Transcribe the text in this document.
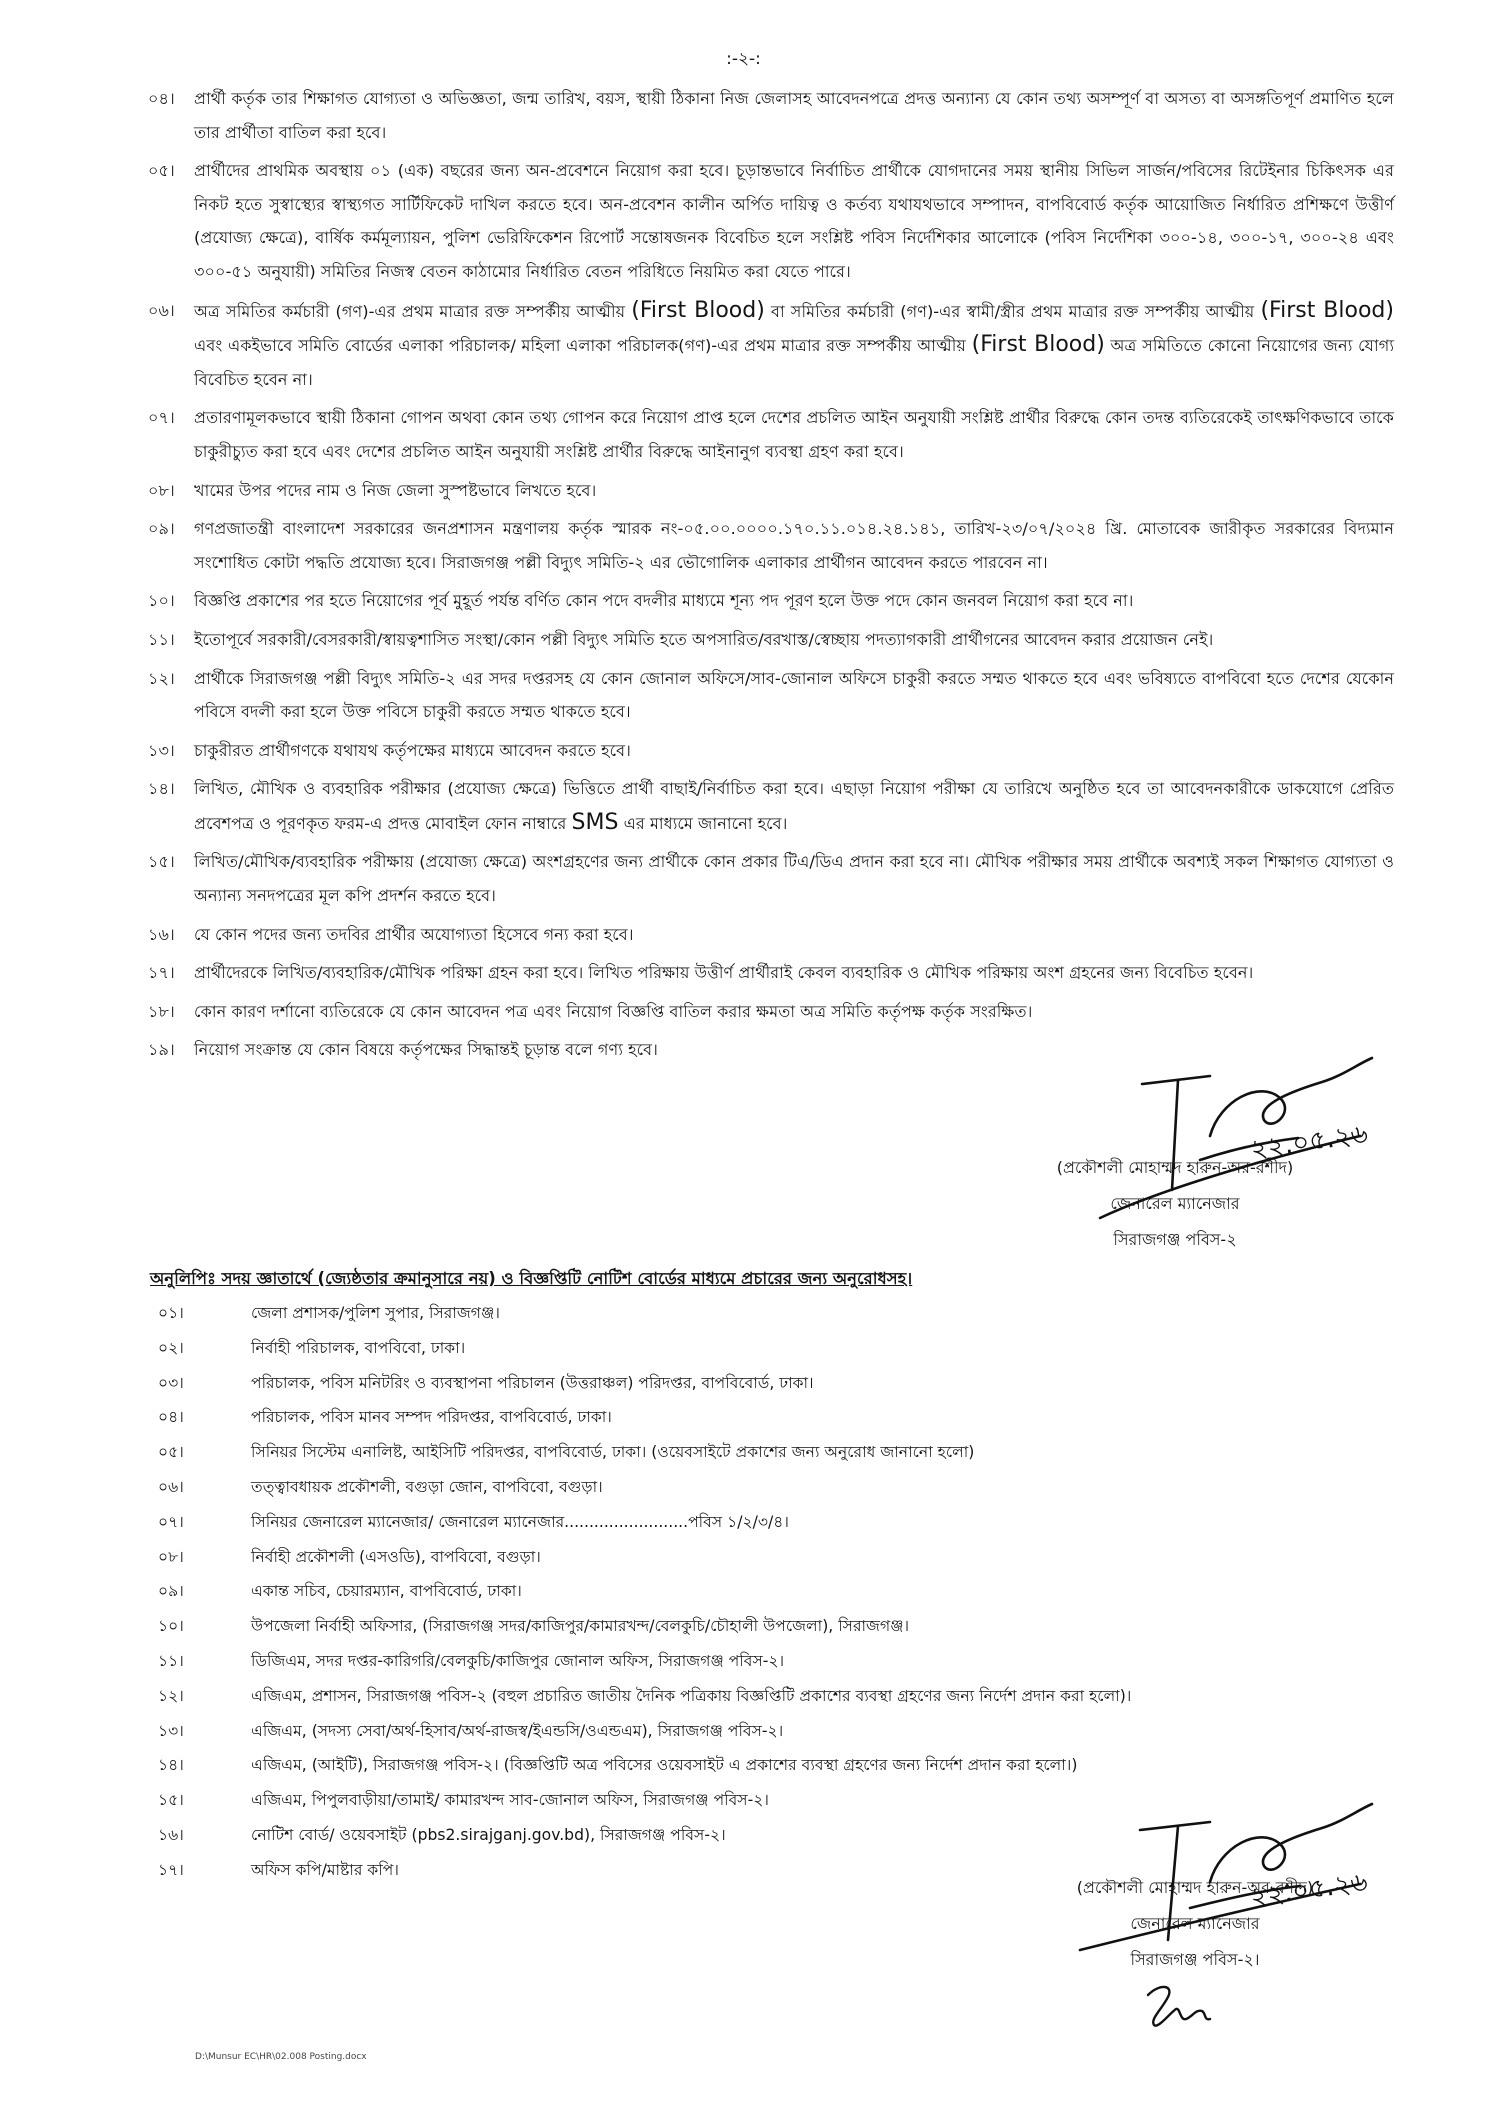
:-২-:
০৪।	প্রার্থী কর্তৃক তার শিক্ষাগত যোগ্যতা ও অভিজ্ঞতা, জন্ম তারিখ, বয়স, স্থায়ী ঠিকানা নিজ জেলাসহ আবেদনপত্রে প্রদত্ত অন্যান্য যে কোন তথ্য অসম্পূর্ণ বা অসত্য বা অসঙ্গতিপূর্ণ প্রমাণিত হলে তার প্রার্থীতা বাতিল করা হবে।
০৫।	প্রার্থীদের প্রাথমিক অবস্থায় ০১ (এক) বছরের জন্য অন-প্রবেশনে নিয়োগ করা হবে। চূড়ান্তভাবে নির্বাচিত প্রার্থীকে যোগদানের সময় স্থানীয় সিভিল সার্জন/পবিসের রিটেইনার চিকিৎসক এর নিকট হতে সুস্বাস্থ্যের স্বাস্থ্যগত সার্টিফিকেট দাখিল করতে হবে। অন-প্রবেশন কালীন অর্পিত দায়িত্ব ও কর্তব্য যথাযথভাবে সম্পাদন, বাপবিবোর্ড কর্তৃক আয়োজিত নির্ধারিত প্রশিক্ষণে উত্তীর্ণ (প্রযোজ্য ক্ষেত্রে), বার্ষিক কর্মমূল্যায়ন, পুলিশ ভেরিফিকেশন রিপোর্ট সন্তোষজনক বিবেচিত হলে সংশ্লিষ্ট পবিস নির্দেশিকার আলোকে (পবিস নির্দেশিকা ৩০০-১৪, ৩০০-১৭, ৩০০-২৪ এবং ৩০০-৫১ অনুযায়ী) সমিতির নিজস্ব বেতন কাঠামোর নির্ধারিত বেতন পরিধিতে নিয়মিত করা যেতে পারে।
০৬।	অত্র সমিতির কর্মচারী (গণ)-এর প্রথম মাত্রার রক্ত সম্পর্কীয় আত্মীয় (First Blood) বা সমিতির কর্মচারী (গণ)-এর স্বামী/স্ত্রীর প্রথম মাত্রার রক্ত সম্পর্কীয় আত্মীয় (First Blood) এবং একইভাবে সমিতি বোর্ডের এলাকা পরিচালক/ মহিলা এলাকা পরিচালক(গণ)-এর প্রথম মাত্রার রক্ত সম্পর্কীয় আত্মীয় (First Blood) অত্র সমিতিতে কোনো নিয়োগের জন্য যোগ্য বিবেচিত হবেন না।
০৭।	প্রতারণামূলকভাবে স্থায়ী ঠিকানা গোপন অথবা কোন তথ্য গোপন করে নিয়োগ প্রাপ্ত হলে দেশের প্রচলিত আইন অনুযায়ী সংশ্লিষ্ট প্রার্থীর বিরুদ্ধে কোন তদন্ত ব্যতিরেকেই তাৎক্ষণিকভাবে তাকে চাকুরীচ্যুত করা হবে এবং দেশের প্রচলিত আইন অনুযায়ী সংশ্লিষ্ট প্রার্থীর বিরুদ্ধে আইনানুগ ব্যবস্থা গ্রহণ করা হবে।
০৮।	খামের উপর পদের নাম ও নিজ জেলা সুস্পষ্টভাবে লিখতে হবে।
০৯।	গণপ্রজাতন্ত্রী বাংলাদেশ সরকারের জনপ্রশাসন মন্ত্রণালয় কর্তৃক স্মারক নং-০৫.০০.০০০০.১৭০.১১.০১৪.২৪.১৪১, তারিখ-২৩/০৭/২০২৪ খ্রি. মোতাবেক জারীকৃত সরকারের বিদ্যমান সংশোধিত কোটা পদ্ধতি প্রযোজ্য হবে। সিরাজগঞ্জ পল্লী বিদ্যুৎ সমিতি-২ এর ভৌগোলিক এলাকার প্রার্থীগন আবেদন করতে পারবেন না।
১০।	বিজ্ঞপ্তি প্রকাশের পর হতে নিয়োগের পূর্ব মুহূর্ত পর্যন্ত বর্ণিত কোন পদে বদলীর মাধ্যমে শূন্য পদ পূরণ হলে উক্ত পদে কোন জনবল নিয়োগ করা হবে না।
১১।	ইতোপূর্বে সরকারী/বেসরকারী/স্বায়ত্বশাসিত সংস্থা/কোন পল্লী বিদ্যুৎ সমিতি হতে অপসারিত/বরখাস্ত/স্বেচ্ছায় পদত্যাগকারী প্রার্থীগনের আবেদন করার প্রয়োজন নেই।
১২।	প্রার্থীকে সিরাজগঞ্জ পল্লী বিদ্যুৎ সমিতি-২ এর সদর দপ্তরসহ যে কোন জোনাল অফিসে/সাব-জোনাল অফিসে চাকুরী করতে সম্মত থাকতে হবে এবং ভবিষ্যতে বাপবিবো হতে দেশের যেকোন পবিসে বদলী করা হলে উক্ত পবিসে চাকুরী করতে সম্মত থাকতে হবে।
১৩।	চাকুরীরত প্রার্থীগণকে যথাযথ কর্তৃপক্ষের মাধ্যমে আবেদন করতে হবে।
১৪।	লিখিত, মৌখিক ও ব্যবহারিক পরীক্ষার (প্রযোজ্য ক্ষেত্রে) ভিত্তিতে প্রার্থী বাছাই/নির্বাচিত করা হবে। এছাড়া নিয়োগ পরীক্ষা যে তারিখে অনুষ্ঠিত হবে তা আবেদনকারীকে ডাকযোগে প্রেরিত প্রবেশপত্র ও পূরণকৃত ফরম-এ প্রদত্ত মোবাইল ফোন নাম্বারে SMS এর মাধ্যমে জানানো হবে।
১৫।	লিখিত/মৌখিক/ব্যবহারিক পরীক্ষায় (প্রযোজ্য ক্ষেত্রে) অংশগ্রহণের জন্য প্রার্থীকে কোন প্রকার টিএ/ডিএ প্রদান করা হবে না। মৌখিক পরীক্ষার সময় প্রার্থীকে অবশ্যই সকল শিক্ষাগত যোগ্যতা ও অন্যান্য সনদপত্রের মূল কপি প্রদর্শন করতে হবে।
১৬।	যে কোন পদের জন্য তদবির প্রার্থীর অযোগ্যতা হিসেবে গন্য করা হবে।
১৭।	প্রার্থীদেরকে লিখিত/ব্যবহারিক/মৌখিক পরিক্ষা গ্রহন করা হবে। লিখিত পরিক্ষায় উত্তীর্ণ প্রার্থীরাই কেবল ব্যবহারিক ও মৌখিক পরিক্ষায় অংশ গ্রহনের জন্য বিবেচিত হবেন।
১৮।	কোন কারণ দর্শানো ব্যতিরেকে যে কোন আবেদন পত্র এবং নিয়োগ বিজ্ঞপ্তি বাতিল করার ক্ষমতা অত্র সমিতি কর্তৃপক্ষ কর্তৃক সংরক্ষিত।
১৯।	নিয়োগ সংক্রান্ত যে কোন বিষয়ে কর্তৃপক্ষের সিদ্ধান্তই চূড়ান্ত বলে গণ্য হবে।
২২.০৫.২৬
(প্রকৌশলী মোহাম্মদ হারুন-অর-রশীদ)
জেনারেল ম্যানেজার
সিরাজগঞ্জ পবিস-২
অনুলিপিঃ সদয় জ্ঞাতার্থে (জ্যেষ্ঠতার ক্রমানুসারে নয়) ও বিজ্ঞপ্তিটি নোটিশ বোর্ডের মাধ্যমে প্রচারের জন্য অনুরোধসহ।
০১।	জেলা প্রশাসক/পুলিশ সুপার, সিরাজগঞ্জ।
০২।	নির্বাহী পরিচালক, বাপবিবো, ঢাকা।
০৩।	পরিচালক, পবিস মনিটরিং ও ব্যবস্থাপনা পরিচালন (উত্তরাঞ্চল) পরিদপ্তর, বাপবিবোর্ড, ঢাকা।
০৪।	পরিচালক, পবিস মানব সম্পদ পরিদপ্তর, বাপবিবোর্ড, ঢাকা।
০৫।	সিনিয়র সিস্টেম এনালিষ্ট, আইসিটি পরিদপ্তর, বাপবিবোর্ড, ঢাকা। (ওয়েবসাইটে প্রকাশের জন্য অনুরোধ জানানো হলো)
০৬।	তত্ত্বাবধায়ক প্রকৌশলী, বগুড়া জোন, বাপবিবো, বগুড়া।
০৭।	সিনিয়র জেনারেল ম্যানেজার/ জেনারেল ম্যানেজার.........................পবিস ১/২/৩/৪।
০৮।	নির্বাহী প্রকৌশলী (এসওডি), বাপবিবো, বগুড়া।
০৯।	একান্ত সচিব, চেয়ারম্যান, বাপবিবোর্ড, ঢাকা।
১০।	উপজেলা নির্বাহী অফিসার, (সিরাজগঞ্জ সদর/কাজিপুর/কামারখন্দ/বেলকুচি/চৌহালী উপজেলা), সিরাজগঞ্জ।
১১।	ডিজিএম, সদর দপ্তর-কারিগরি/বেলকুচি/কাজিপুর জোনাল অফিস, সিরাজগঞ্জ পবিস-২।
১২।	এজিএম, প্রশাসন, সিরাজগঞ্জ পবিস-২ (বহুল প্রচারিত জাতীয় দৈনিক পত্রিকায় বিজ্ঞপ্তিটি প্রকাশের ব্যবস্থা গ্রহণের জন্য নির্দেশ প্রদান করা হলো)।
১৩।	এজিএম, (সদস্য সেবা/অর্থ-হিসাব/অর্থ-রাজস্ব/ইএন্ডসি/ওএন্ডএম), সিরাজগঞ্জ পবিস-২।
১৪।	এজিএম, (আইটি), সিরাজগঞ্জ পবিস-২। (বিজ্ঞপ্তিটি অত্র পবিসের ওয়েবসাইট এ প্রকাশের ব্যবস্থা গ্রহণের জন্য নির্দেশ প্রদান করা হলো।)
১৫।	এজিএম, পিপুলবাড়ীয়া/তামাই/ কামারখন্দ সাব-জোনাল অফিস, সিরাজগঞ্জ পবিস-২।
১৬।	নোটিশ বোর্ড/ ওয়েবসাইট (pbs2.sirajganj.gov.bd), সিরাজগঞ্জ পবিস-২।
১৭।	অফিস কপি/মাষ্টার কপি।	২২.০৫.২৬
(প্রকৌশলী মোহাম্মদ হারুন-অর-রশীদ)
জেনারেল ম্যানেজার
সিরাজগঞ্জ পবিস-২।
D:\Munsur EC\HR\02.008 Posting.docx
